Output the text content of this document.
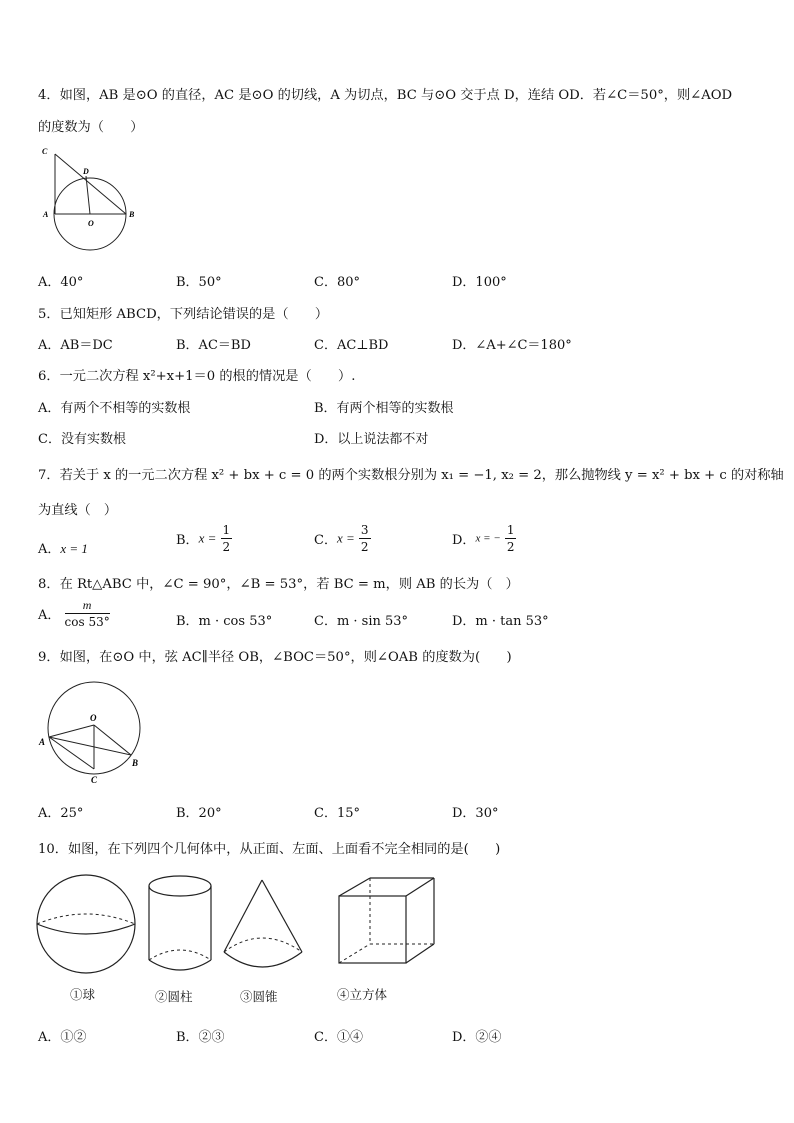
4．如图，AB 是⊙O 的直径，AC 是⊙O 的切线，A 为切点，BC 与⊙O 交于点 D，连结 OD．若∠C＝50°，则∠AOD
的度数为（　　）
C
D
A
O
B
A．40°	B．50°	C．80°	D．100°
5．已知矩形 ABCD，下列结论错误的是（　　）
A．AB＝DC	B．AC＝BD	C．AC⊥BD	D．∠A+∠C＝180°
6．一元二次方程 x²+x+1＝0 的根的情况是（　　）.
A．有两个不相等的实数根	B．有两个相等的实数根
C．没有实数根	D．以上说法都不对
7．若关于 x 的一元二次方程 x² + bx + c = 0 的两个实数根分别为 x₁ = −1, x₂ = 2，那么抛物线 y = x² + bx + c 的对称轴
为直线（　）
A．x = 1
B．$x = \frac{1}{2}$	C．$x = \frac{3}{2}$	D．x = − $\frac{1}{2}$
8．在 Rt△ABC 中，∠C = 90°，∠B = 53°，若 BC = m，则 AB 的长为（　）
A． $\frac{m}{\cos 53^\circ}$	B．m · cos 53°	C．m · sin 53°	D．m · tan 53°
9．如图，在⊙O 中，弦 AC∥半径 OB，∠BOC＝50°，则∠OAB 的度数为(　　)
O
A
B
C
A．25°	B．20°	C．15°	D．30°
10．如图，在下列四个几何体中，从正面、左面、上面看不完全相同的是(　　)
①球	②圆柱	③圆锥	④立方体
A．①②	B．②③	C．①④	D．②④
